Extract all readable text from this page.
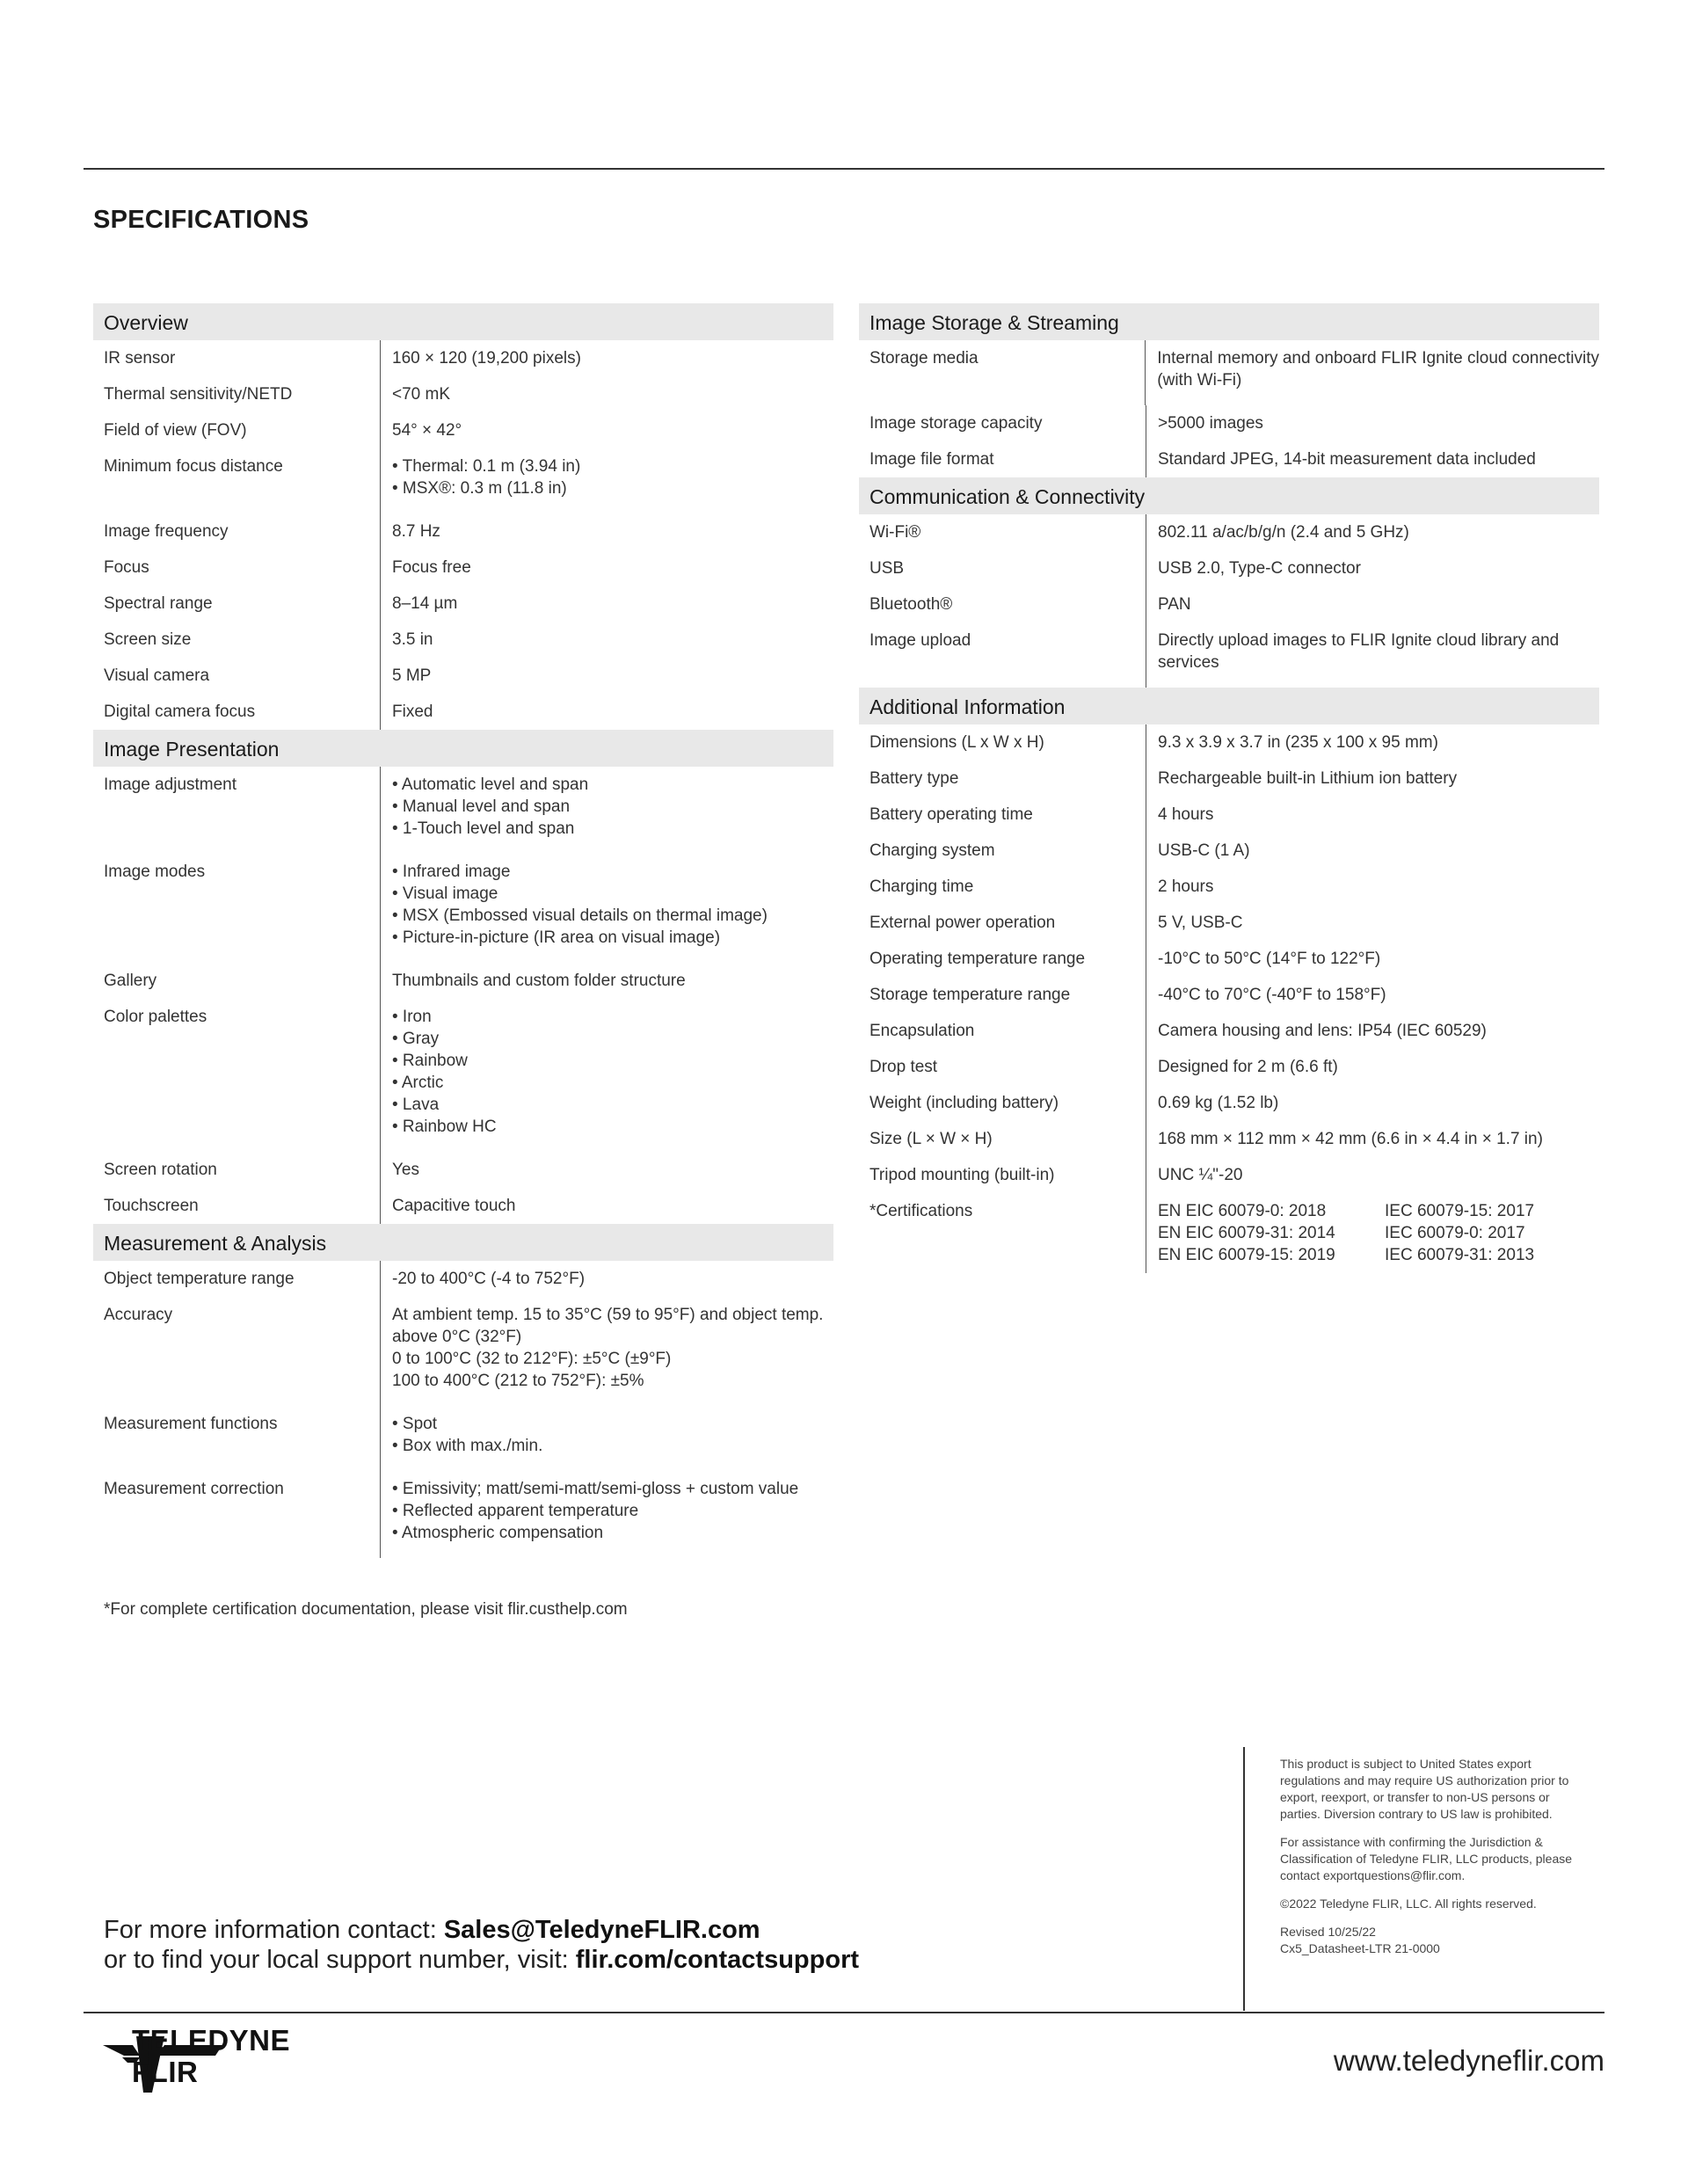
SPECIFICATIONS
Overview
IR sensor	160 × 120 (19,200 pixels)
Thermal sensitivity/NETD	<70 mK
Field of view (FOV)	54° × 42°
Minimum focus distance	• Thermal: 0.1 m (3.94 in)
• MSX®: 0.3 m (11.8 in)
Image frequency	8.7 Hz
Focus	Focus free
Spectral range	8–14 µm
Screen size	3.5 in
Visual camera	5 MP
Digital camera focus	Fixed
Image Presentation
Image adjustment	• Automatic level and span
• Manual level and span
• 1-Touch level and span
Image modes	• Infrared image
• Visual image
• MSX (Embossed visual details on thermal image)
• Picture-in-picture (IR area on visual image)
Gallery	Thumbnails and custom folder structure
Color palettes	• Iron
• Gray
• Rainbow
• Arctic
• Lava
• Rainbow HC
Screen rotation	Yes
Touchscreen	Capacitive touch
Measurement & Analysis
Object temperature range	-20 to 400°C (-4 to 752°F)
Accuracy	At ambient temp. 15 to 35°C (59 to 95°F) and object temp.
above 0°C (32°F)
0 to 100°C (32 to 212°F): ±5°C (±9°F)
100 to 400°C (212 to 752°F): ±5%
Measurement functions	• Spot
• Box with max./min.
Measurement correction	• Emissivity; matt/semi-matt/semi-gloss + custom value
• Reflected apparent temperature
• Atmospheric compensation
Image Storage & Streaming
Storage media	Internal memory and onboard FLIR Ignite cloud connectivity
(with Wi-Fi)
Image storage capacity	>5000 images
Image file format	Standard JPEG, 14-bit measurement data included
Communication & Connectivity
Wi-Fi®	802.11 a/ac/b/g/n (2.4 and 5 GHz)
USB	USB 2.0, Type-C connector
Bluetooth®	PAN
Image upload	Directly upload images to FLIR Ignite cloud library and
services
Additional Information
Dimensions (L x W x H)	9.3 x 3.9 x 3.7 in (235 x 100 x 95 mm)
Battery type	Rechargeable built-in Lithium ion battery
Battery operating time	4 hours
Charging system	USB-C (1 A)
Charging time	2 hours
External power operation	5 V, USB-C
Operating temperature range	-10°C to 50°C (14°F to 122°F)
Storage temperature range	-40°C to 70°C (-40°F to 158°F)
Encapsulation	Camera housing and lens: IP54 (IEC 60529)
Drop test	Designed for 2 m (6.6 ft)
Weight (including battery)	0.69 kg (1.52 lb)
Size (L × W × H)	168 mm × 112 mm × 42 mm (6.6 in × 4.4 in × 1.7 in)
Tripod mounting (built-in)	UNC ¼"-20
*Certifications	EN EIC 60079-0: 2018	IEC 60079-15: 2017
EN EIC 60079-31: 2014	IEC 60079-0: 2017
EN EIC 60079-15: 2019	IEC 60079-31: 2013
*For complete certification documentation, please visit flir.custhelp.com

This product is subject to United States export regulations and may require US authorization prior to export, reexport, or transfer to non-US persons or parties. Diversion contrary to US law is prohibited.

For assistance with confirming the Jurisdiction & Classification of Teledyne FLIR, LLC products, please contact exportquestions@flir.com.

©2022 Teledyne FLIR, LLC. All rights reserved.

Revised 10/25/22
Cx5_Datasheet-LTR 21-0000
For more information contact: Sales@TeledyneFLIR.com
or to find your local support number, visit: flir.com/contactsupport
TELEDYNE
FLIR	www.teledyneflir.com
